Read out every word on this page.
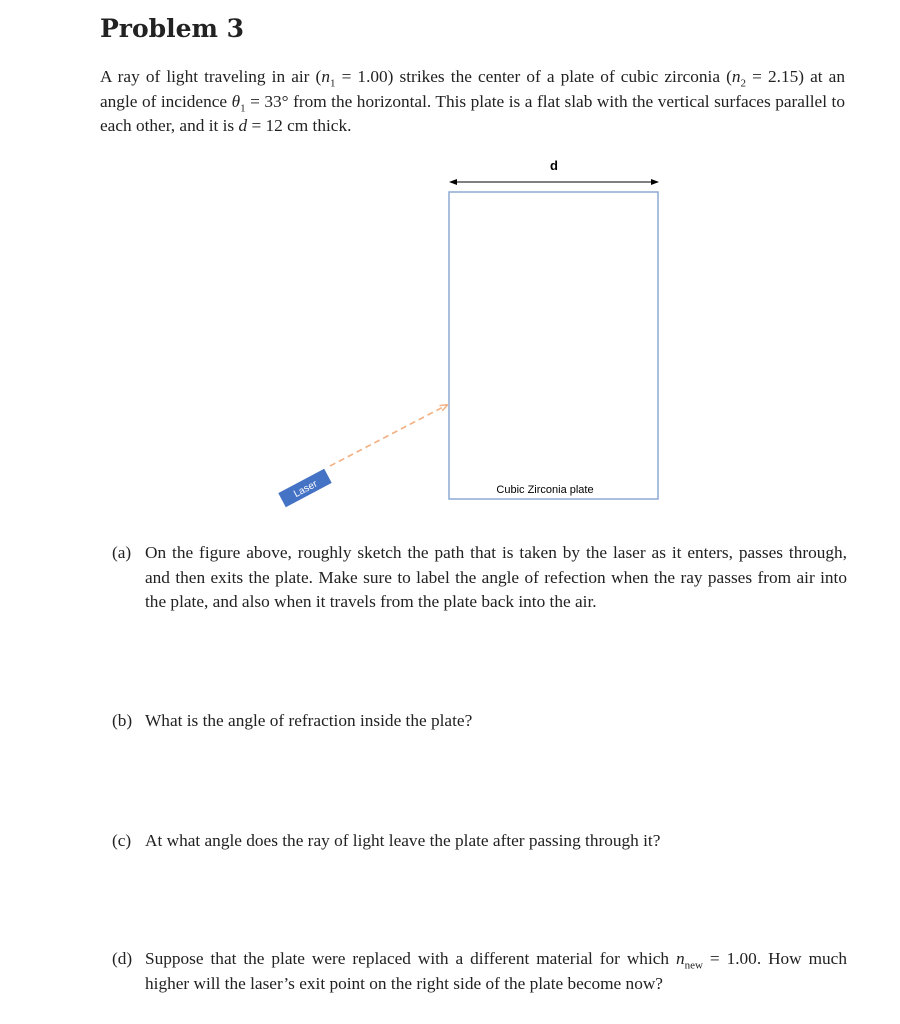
Problem 3

A ray of light traveling in air $(n_1 = 1.00)$ strikes the center of a plate of cubic zirconia $(n_2 = 2.15)$ at an angle of incidence $\theta_1 = 33^\circ$ from the horizontal. This plate is a flat slab with the vertical surfaces parallel to each other, and it is d = 12 cm thick.

d
Cubic Zirconia plate
Laser
(a) On the figure above, roughly sketch the path that is taken by the laser as it enters, passes through, and then exits the plate. Make sure to label the angle of refection when the ray passes from air into the plate, and also when it travels from the plate back into the air.
(b) What is the angle of refraction inside the plate?
(c) At what angle does the ray of light leave the plate after passing through it?
(d) Suppose that the plate were replaced with a different material for which $n_{new} = 1.00$. How much higher will the laser’s exit point on the right side of the plate become now?
